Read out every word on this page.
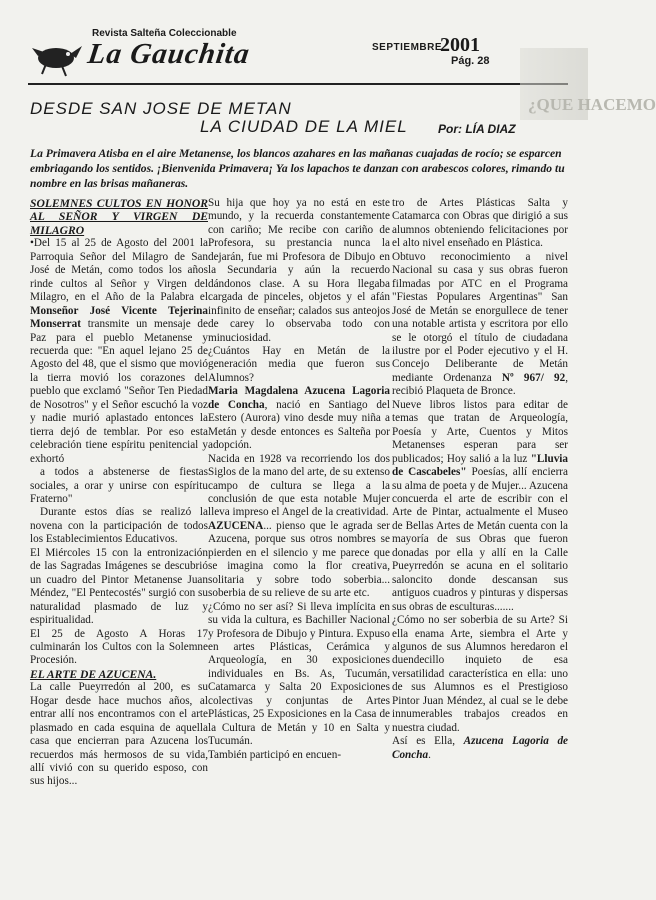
Revista Salteña Coleccionable
La Gauchita	SEPTIEMBRE
2001
Pág. 28
¿QUE HACEMO
DESDE SAN JOSE DE METAN
LA CIUDAD DE LA MIEL	Por: LÍA DIAZ
La Primavera Atisba en el aire Metanense, los blancos azahares en las mañanas cuajadas de rocío; se esparcen embriagando los sentidos. ¡Bienvenida Primavera¡ Ya los lapachos te danzan con arabescos colores, rimando tu nombre en las brisas mañaneras.

SOLEMNES CULTOS EN HONOR AL SEÑOR Y VIRGEN DE MILAGRO

•Del 15 al 25 de Agosto del 2001 la Parroquia Señor del Milagro de San José de Metán, como todos los años rinde cultos al Señor y Virgen del Milagro, en el Año de la Palabra el Monseñor José Vicente Tejerina Monserrat transmite un mensaje de Paz para el pueblo Metanense y recuerda que: "En aquel lejano 25 de Agosto del 48, que el sismo que movió la tierra movió los corazones del pueblo que exclamó "Señor Ten Piedad de Nosotros" y el Señor escuchó la voz y nadie murió aplastado entonces la tierra dejó de temblar. Por eso esta celebración tiene espíritu penitencial y exhortó

a todos a abstenerse de fiestas sociales, a orar y unirse con espíritu Fraterno"

Durante estos días se realizó la novena con la participación de todos los Establecimientos Educativos.

El Miércoles 15 con la entronización de las Sagradas Imágenes se descubrió un cuadro del Pintor Metanense Juan Méndez, "El Pentecostés" surgió con su naturalidad plasmado de luz y espiritualidad.

El 25 de Agosto A Horas 17 culminarán los Cultos con la Solemne Procesión.

EL ARTE DE AZUCENA.

La calle Pueyrredón al 200, es su Hogar desde hace muchos años, al entrar allí nos encontramos con el arte plasmado en cada esquina de aquella casa que encierran para Azucena los recuerdos más hermosos de su vida, allí vivió con su querido esposo, con sus hijos...

Su hija que hoy ya no está en este mundo, y la recuerda constantemente con cariño; Me recibe con cariño de Profesora, su prestancia nunca la dejarán, fue mi Profesora de Dibujo en la Secundaria y aún la recuerdo dándonos clase. A su Hora llegaba cargada de pinceles, objetos y el afán infinito de enseñar; calados sus anteojos de carey lo observaba todo con minuciosidad.

¿Cuántos Hay en Metán de la generación media que fueron sus Alumnos?

Maria Magdalena Azucena Lagoria de Concha, nació en Santiago del Estero (Aurora) vino desde muy niña a Metán y desde entonces es Salteña por adopción.

Nacida en 1928 va recorriendo los dos Siglos de la mano del arte, de su extenso campo de cultura se llega a la conclusión de que esta notable Mujer lleva impreso el Angel de la creatividad.

AZUCENA... pienso que le agrada ser Azucena, porque sus otros nombres se pierden en el silencio y me parece que se imagina como la flor creativa, solitaria y sobre todo soberbia... soberbia de su relieve de su arte etc.

¿Cómo no ser así? Si lleva implícita en su vida la cultura, es Bachiller Nacional y Profesora de Dibujo y Pintura. Expuso en artes Plásticas, Cerámica y Arqueología, en 30 exposiciones individuales en Bs. As, Tucumán, Catamarca y Salta 20 Exposiciones colectivas y conjuntas de Artes Plásticas, 25 Exposiciones en la Casa de la Cultura de Metán y 10 en Salta y Tucumán.

También participó en encuen-

tro de Artes Plásticas Salta y Catamarca con Obras que dirigió a sus alumnos obteniendo felicitaciones por el alto nivel enseñado en Plástica.

Obtuvo reconocimiento a nivel Nacional su casa y sus obras fueron filmadas por ATC en el Programa "Fiestas Populares Argentinas" San José de Metán se enorgullece de tener una notable artista y escritora por ello se le otorgó el título de ciudadana ilustre por el Poder ejecutivo y el H. Concejo Deliberante de Metán mediante Ordenanza Nº 967/ 92, recibió Plaqueta de Bronce.

Nueve libros listos para editar de temas que tratan de Arqueología, Poesía y Arte, Cuentos y Mitos Metanenses esperan para ser publicados; Hoy salió a la luz "Lluvia de Cascabeles" Poesías, allí encierra su alma de poeta y de Mujer... Azucena concuerda el arte de escribir con el Arte de Pintar, actualmente el Museo de Bellas Artes de Metán cuenta con la mayoría de sus Obras que fueron donadas por ella y allí en la Calle Pueyrredón se acuna en el solitario saloncito donde descansan sus antiguos cuadros y pinturas y dispersas sus obras de esculturas.......

¿Cómo no ser soberbia de su Arte? Si ella enama Arte, siembra el Arte y algunos de sus Alumnos heredaron el duendecillo inquieto de esa versatilidad característica en ella: uno de sus Alumnos es el Prestigioso Pintor Juan Méndez, al cual se le debe innumerables trabajos creados en nuestra ciudad.

Así es Ella, Azucena Lagoria de Concha.
